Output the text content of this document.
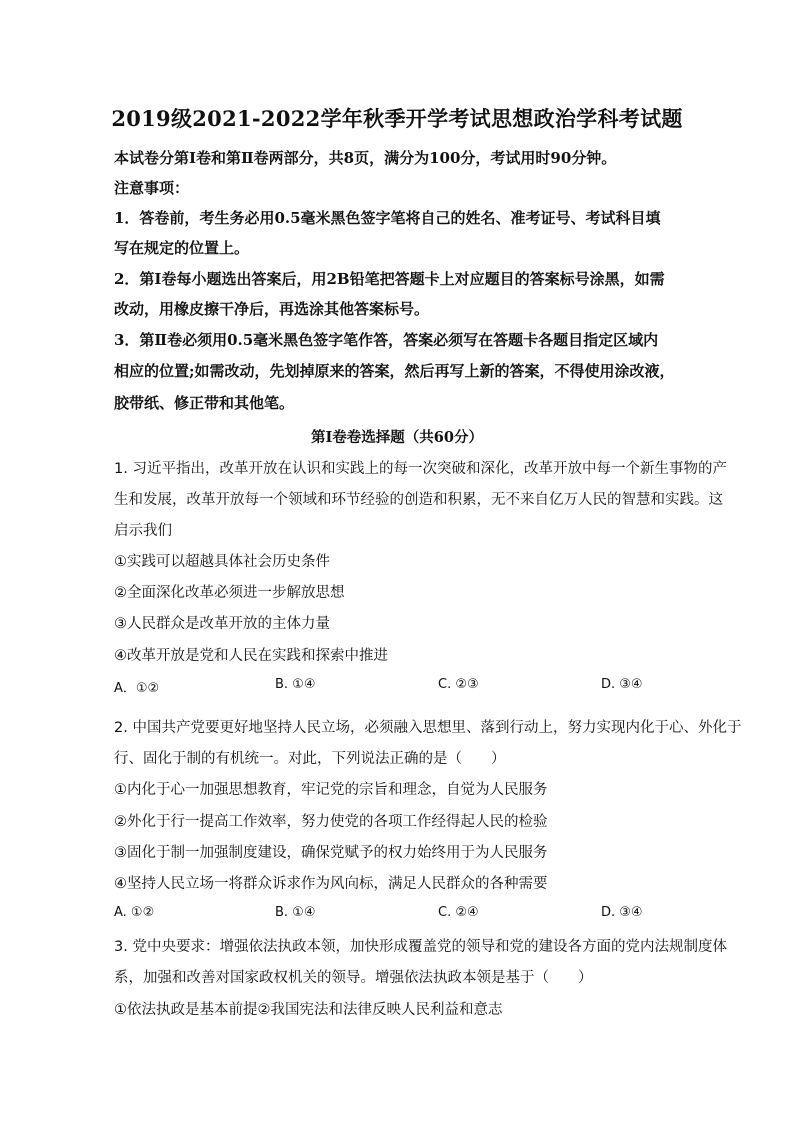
2019级2021-2022学年秋季开学考试思想政治学科考试题
本试卷分第Ⅰ卷和第Ⅱ卷两部分，共8页，满分为100分，考试用时90分钟。
注意事项：
1．答卷前，考生务必用0.5毫米黑色签字笔将自己的姓名、准考证号、考试科目填
写在规定的位置上。
2．第Ⅰ卷每小题选出答案后，用2B铅笔把答题卡上对应题目的答案标号涂黑，如需
改动，用橡皮擦干净后，再选涂其他答案标号。
3．第Ⅱ卷必须用0.5毫米黑色签字笔作答，答案必须写在答题卡各题目指定区域内
相应的位置;如需改动，先划掉原来的答案，然后再写上新的答案，不得使用涂改液，
胶带纸、修正带和其他笔。
第Ⅰ卷卷选择题（共60分）
1. 习近平指出，改革开放在认识和实践上的每一次突破和深化，改革开放中每一个新生事物的产
生和发展，改革开放每一个领域和环节经验的创造和积累，无不来自亿万人民的智慧和实践。这
启示我们
①实践可以超越具体社会历史条件
②全面深化改革必须进一步解放思想
③人民群众是改革开放的主体力量
④改革开放是党和人民在实践和探索中推进
A．①②	B. ①④	C. ②③	D. ③④
2. 中国共产党要更好地坚持人民立场，必须融入思想里、落到行动上，努力实现内化于心、外化于
行、固化于制的有机统一。对此，下列说法正确的是（　　）
①内化于心一加强思想教育，牢记党的宗旨和理念，自觉为人民服务
②外化于行一提高工作效率，努力使党的各项工作经得起人民的检验
③固化于制一加强制度建设，确保党赋予的权力始终用于为人民服务
④坚持人民立场一将群众诉求作为风向标，满足人民群众的各种需要
A. ①②	B. ①④	C. ②④	D. ③④
3. 党中央要求：增强依法执政本领，加快形成覆盖党的领导和党的建设各方面的党内法规制度体
系，加强和改善对国家政权机关的领导。增强依法执政本领是基于（　　）
①依法执政是基本前提②我国宪法和法律反映人民利益和意志
